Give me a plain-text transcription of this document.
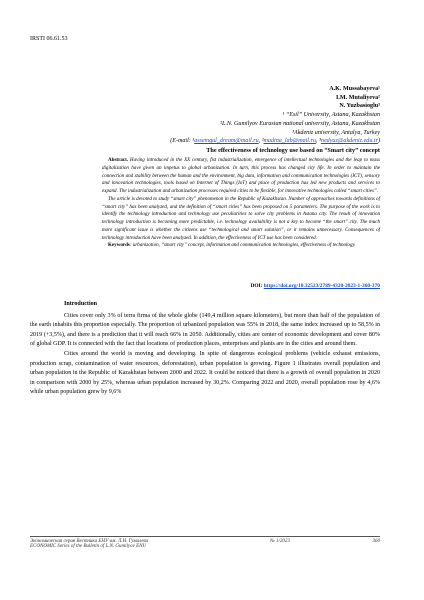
IRSTI 06.61.53
A.K. Mussabayeva¹
I.M. Mutaliyeva²
N. Yuzbasioglu³
¹ “Esil” University, Astana, Kazakhstan
²L.N. Gumilyov Eurasian national university, Astana, Kazakhstan
³Akdeniz university, Antalya, Turkey
(E-mail: ¹assemgul_dream@mail.ru, ²madina_lab@mail.ru, ³nedyuz@akdeniz.edu.tr)
The effectiveness of technology use based on “Smart city” concept

Abstract. Having introduced in the XX century, fist industrialization, emergence of intellectual technologies and the leap to mass digitalization have given an impetus to global urbanization. In turn, this process has changed city life. In order to maintain the connection and stability between the human and the environment, big data, information and communication technologies (ICT), sensory and innovation technologies, tools based on Internet of Things (IoT) and place of production has led new products and services to expand. The industrialization and urbanization processes required cities to be flexible, for innovative technologies called “smart cities”.

The article is devoted to study “smart city” phenomenon in the Republic of Kazakhstan. Number of approaches towards definitions of “smart city” has been analyzed, and the definition of “smart cities” has been proposed on 5 parameters. The purpose of the work is to identify the technology introduction and technology use peculiarities to solve city problems in Astana city. The result of innovation technology introduction is becoming more predictable, i.e. technology availability is not a key to become “the smart” city. The much more significant issue is whether the citizens use “technological and smart solution”, or it remains unnecessary. Consequences of technology introduction have been analyzed. In addition, the effectiveness of ICT use has been considered.

Keywords: urbanization, “smart city” concept, information and communication technologies, effectiveness of technology.

DOI: https://doi.org/10.32523/2789-4320-2023-1-360-370
Introduction

Cities cover only 3% of terra firma of the whole globe (149,4 million square kilometers), but more than half of the population of the earth inhabits this proportion especially. The proportion of urbanized population was 55% in 2018, the same index increased up to 58,5% in 2019 (+3,5%), and there is a prediction that it will reach 66% in 2050. Additionally, cities are center of economic development and cover 80% of global GDP. It is connected with the fact that locations of production places, enterprises and plants are in the cities and around them.

Cities around the world is moving and developing. In spite of dangerous ecological problems (vehicle exhaust emissions, production scrap, contamination of water resources, deforestation), urban population is growing. Figure 1 illustrates overall population and urban population in the Republic of Kazakhstan between 2000 and 2022. It could be noticed that there is a growth of overall population in 2020 in comparison with 2000 by 25%, whereas urban population increased by 30,2%. Comparing 2022 and 2020, overall population rose by 4,6% while urban population grew by 9,6%

Экономическая серия Вестника ЕНУ им. Л.Н. Гумилева
ECONOMIC Series of the Bulletin of L.N. Gumilyov ENU
№ 1/2023	360
